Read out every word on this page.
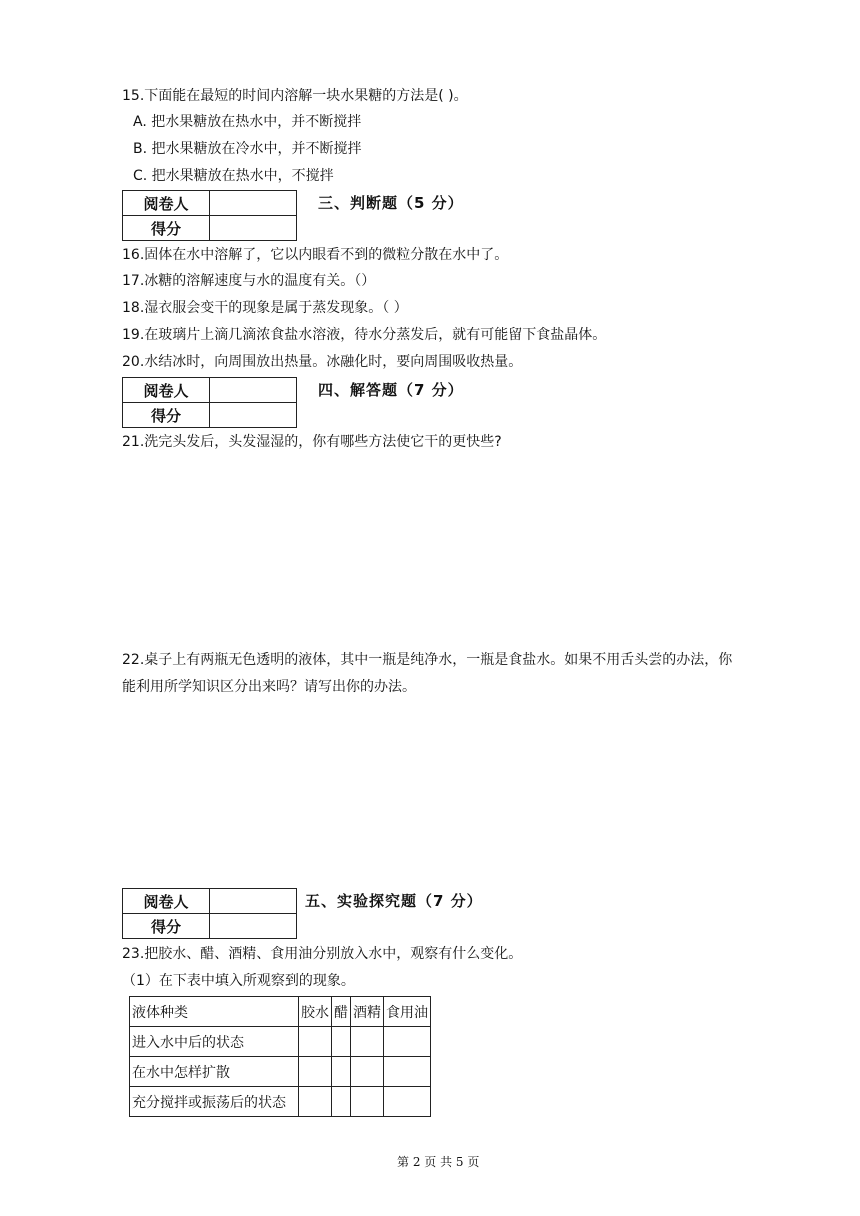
15.下面能在最短的时间内溶解一块水果糖的方法是( )。
A. 把水果糖放在热水中，并不断搅拌
B. 把水果糖放在冷水中，并不断搅拌
C. 把水果糖放在热水中，不搅拌
阅卷人	
得分	
三、判断题（5 分）
16.固体在水中溶解了，它以内眼看不到的微粒分散在水中了。
17.冰糖的溶解速度与水的温度有关。（）
18.湿衣服会变干的现象是属于蒸发现象。（ ）
19.在玻璃片上滴几滴浓食盐水溶液，待水分蒸发后，就有可能留下食盐晶体。
20.水结冰时，向周围放出热量。冰融化时，要向周围吸收热量。
阅卷人	
得分	
四、解答题（7 分）
21.洗完头发后，头发湿湿的，你有哪些方法使它干的更快些?
22.桌子上有两瓶无色透明的液体，其中一瓶是纯净水，一瓶是食盐水。如果不用舌头尝的办法，你
能利用所学知识区分出来吗？请写出你的办法。
阅卷人	
得分	
五、实验探究题（7 分）
23.把胶水、醋、酒精、食用油分别放入水中，观察有什么变化。
（1）在下表中填入所观察到的现象。
液体种类	胶水	醋	酒精	食用油
进入水中后的状态				
在水中怎样扩散				
充分搅拌或振荡后的状态				
第 2 页 共 5 页
